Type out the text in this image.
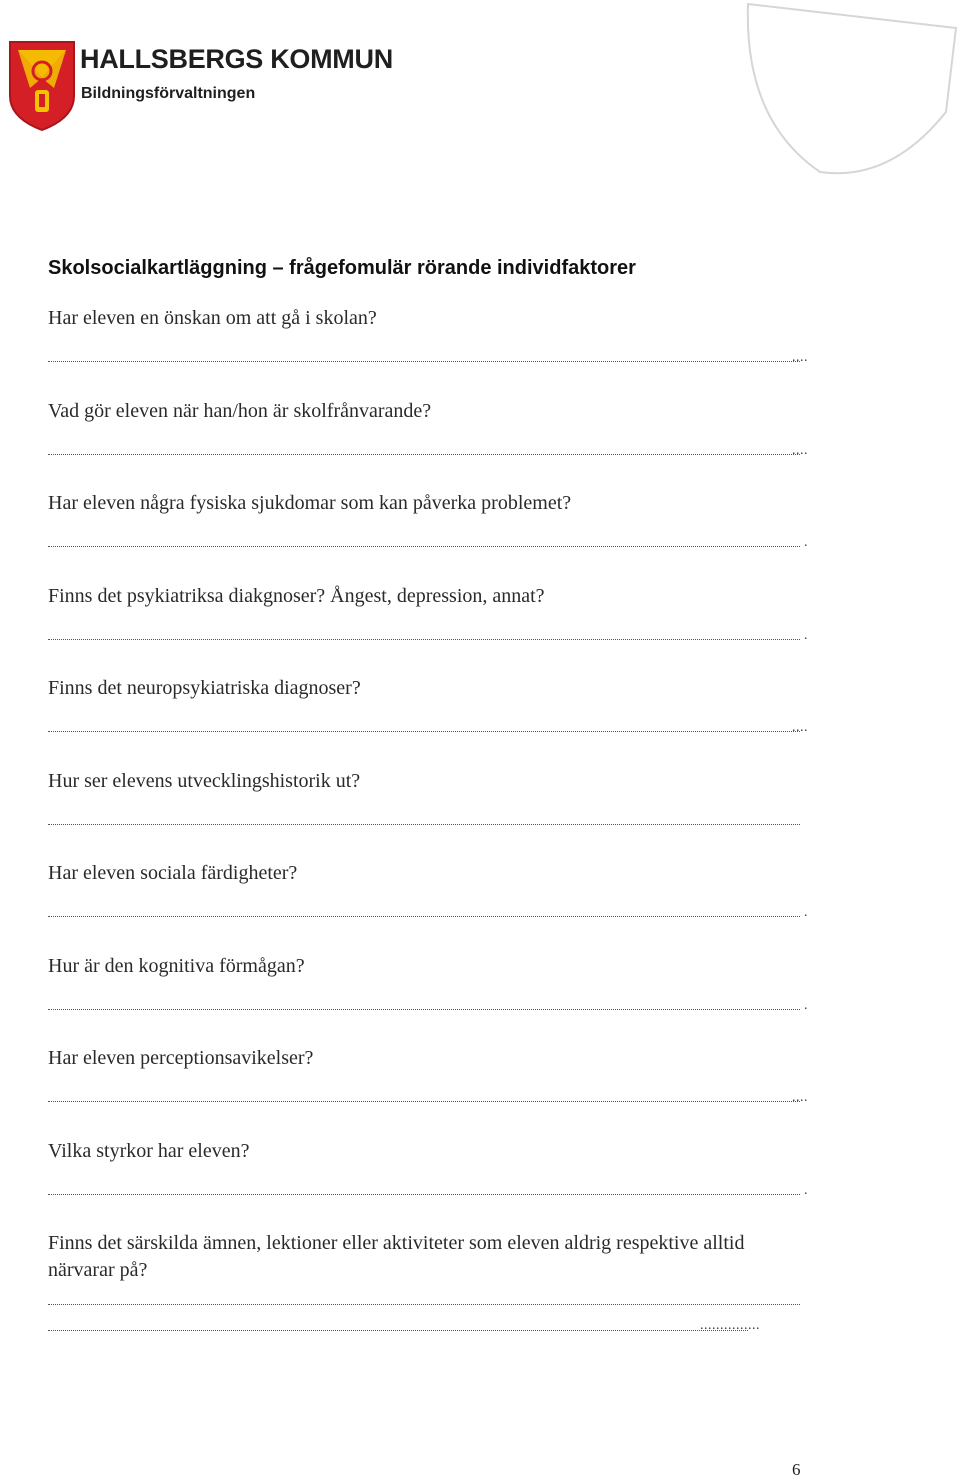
HALLSBERGS KOMMUN
Bildningsförvaltningen
Skolsocialkartläggning – frågefomulär rörande individfaktorer
Har eleven en önskan om att gå i skolan?
....
Vad gör eleven när han/hon är skolfrånvarande?
....
Har eleven några fysiska sjukdomar som kan påverka problemet?
.
Finns det psykiatriksa diakgnoser? Ångest, depression, annat?
.
Finns det neuropsykiatriska diagnoser?
....
Hur ser elevens utvecklingshistorik ut?
Har eleven sociala färdigheter?
.
Hur är den kognitiva förmågan?
.
Har eleven perceptionsavikelser?
....
Vilka styrkor har eleven?
.
Finns det särskilda ämnen, lektioner eller aktiviteter som eleven aldrig respektive alltid närvarar på?
...............
6
